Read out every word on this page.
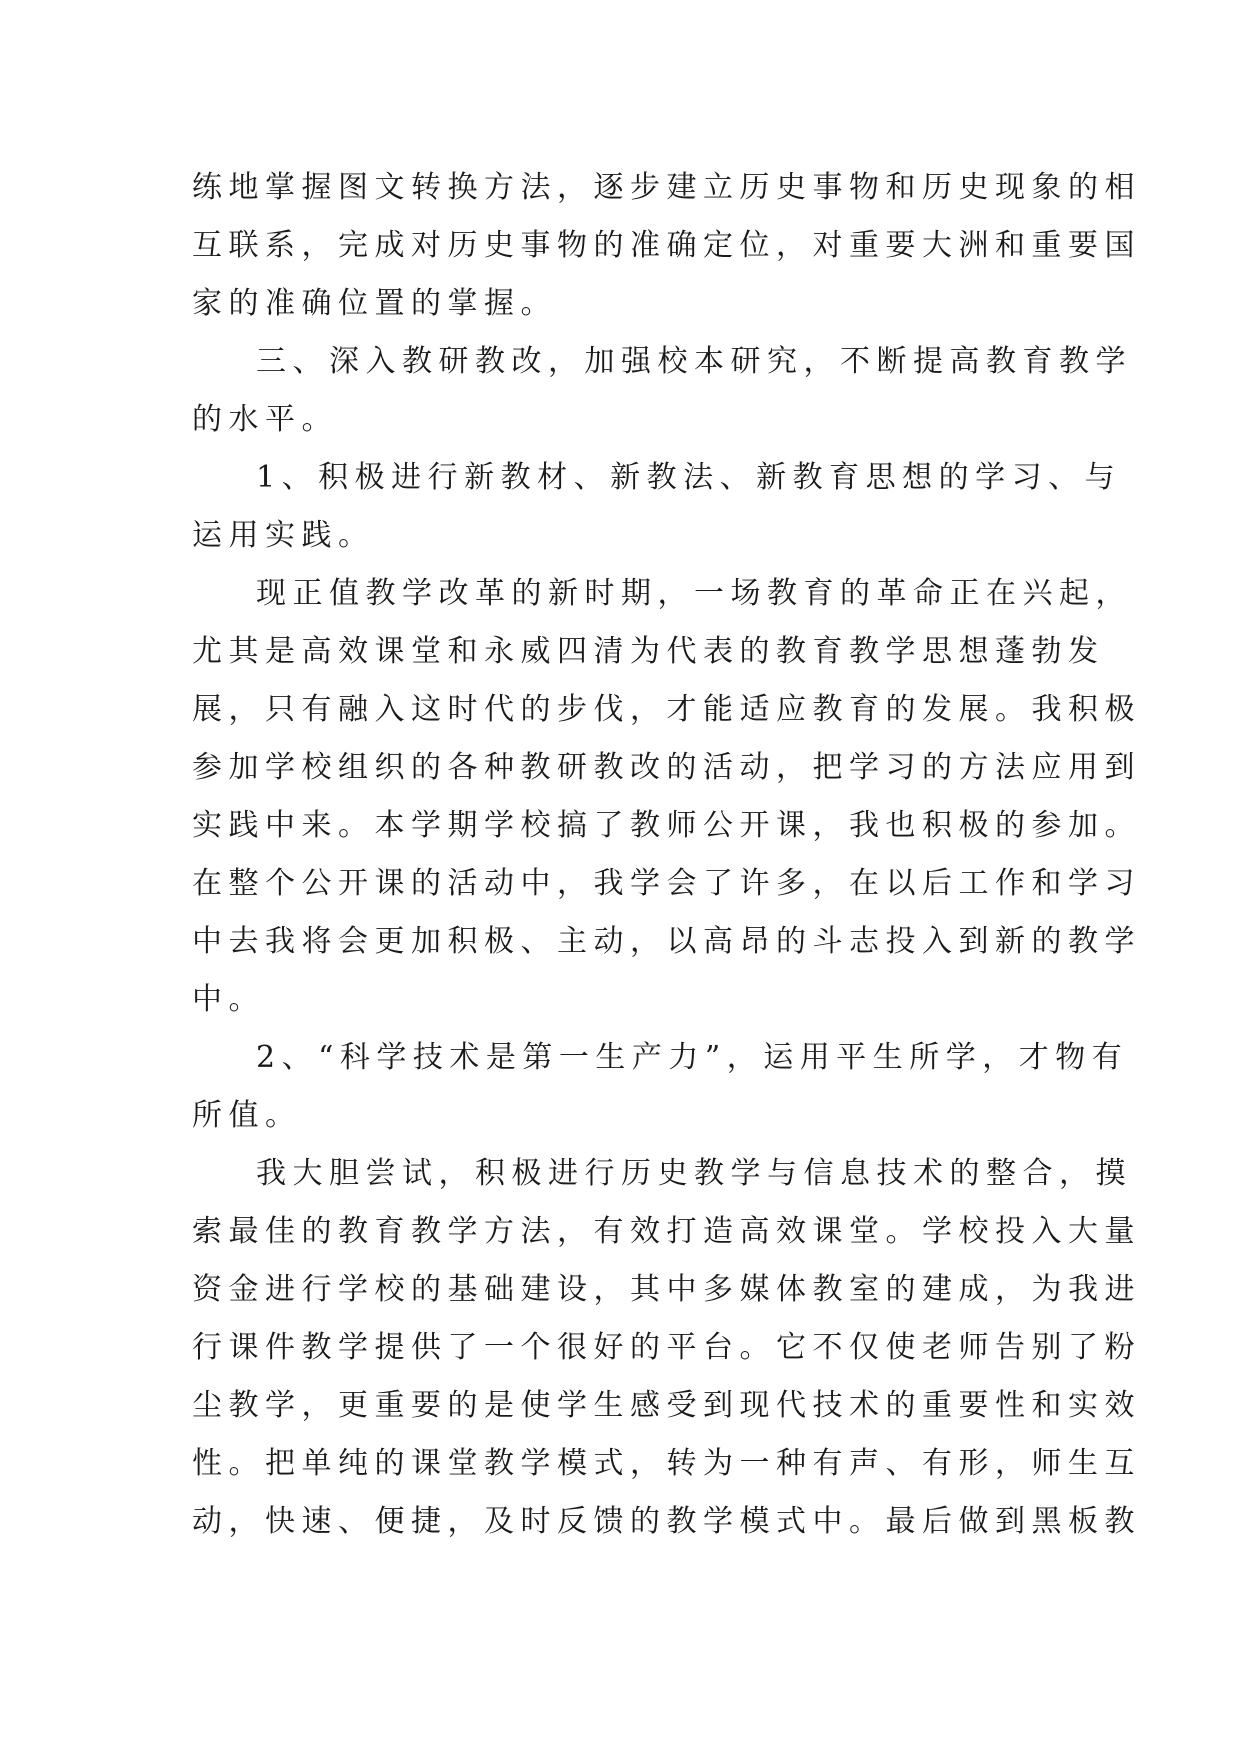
练地掌握图文转换方法，逐步建立历史事物和历史现象的相
互联系，完成对历史事物的准确定位，对重要大洲和重要国
家的准确位置的掌握。
三、深入教研教改，加强校本研究，不断提高教育教学
的水平。
1、积极进行新教材、新教法、新教育思想的学习、与
运用实践。
现正值教学改革的新时期，一场教育的革命正在兴起，
尤其是高效课堂和永威四清为代表的教育教学思想蓬勃发
展，只有融入这时代的步伐，才能适应教育的发展。我积极
参加学校组织的各种教研教改的活动，把学习的方法应用到
实践中来。本学期学校搞了教师公开课，我也积极的参加。
在整个公开课的活动中，我学会了许多，在以后工作和学习
中去我将会更加积极、主动，以高昂的斗志投入到新的教学
中。
2、“科学技术是第一生产力”，运用平生所学，才物有
所值。
我大胆尝试，积极进行历史教学与信息技术的整合，摸
索最佳的教育教学方法，有效打造高效课堂。学校投入大量
资金进行学校的基础建设，其中多媒体教室的建成，为我进
行课件教学提供了一个很好的平台。它不仅使老师告别了粉
尘教学，更重要的是使学生感受到现代技术的重要性和实效
性。把单纯的课堂教学模式，转为一种有声、有形，师生互
动，快速、便捷，及时反馈的教学模式中。最后做到黑板教
